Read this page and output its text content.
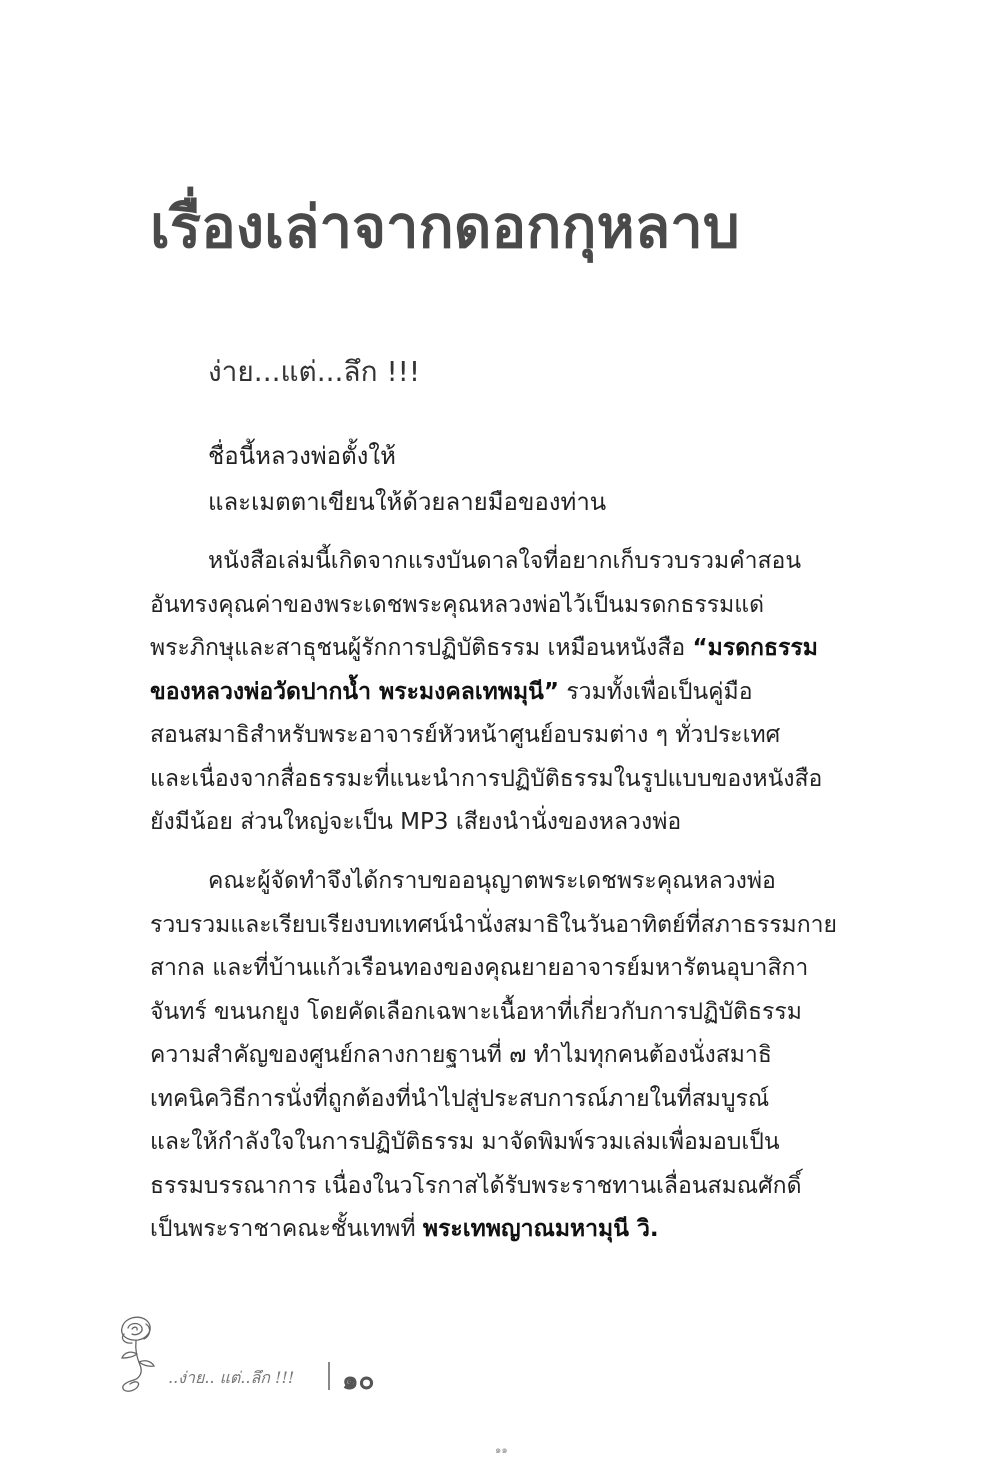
เรื่องเล่าจากดอกกุหลาบ
ง่าย...แต่...ลึก !!!
ชื่อนี้หลวงพ่อตั้งให้
และเมตตาเขียนให้ด้วยลายมือของท่าน
หนังสือเล่มนี้เกิดจากแรงบันดาลใจที่อยากเก็บรวบรวมคำสอน
อันทรงคุณค่าของพระเดชพระคุณหลวงพ่อไว้เป็นมรดกธรรมแด่
พระภิกษุและสาธุชนผู้รักการปฏิบัติธรรม เหมือนหนังสือ “มรดกธรรม
ของหลวงพ่อวัดปากน้ำ พระมงคลเทพมุนี” รวมทั้งเพื่อเป็นคู่มือ
สอนสมาธิสำหรับพระอาจารย์หัวหน้าศูนย์อบรมต่าง ๆ ทั่วประเทศ
และเนื่องจากสื่อธรรมะที่แนะนำการปฏิบัติธรรมในรูปแบบของหนังสือ
ยังมีน้อย ส่วนใหญ่จะเป็น MP3 เสียงนำนั่งของหลวงพ่อ
คณะผู้จัดทำจึงได้กราบขออนุญาตพระเดชพระคุณหลวงพ่อ
รวบรวมและเรียบเรียงบทเทศน์นำนั่งสมาธิในวันอาทิตย์ที่สภาธรรมกาย
สากล และที่บ้านแก้วเรือนทองของคุณยายอาจารย์มหารัตนอุบาสิกา
จันทร์ ขนนกยูง โดยคัดเลือกเฉพาะเนื้อหาที่เกี่ยวกับการปฏิบัติธรรม
ความสำคัญของศูนย์กลางกายฐานที่ ๗ ทำไมทุกคนต้องนั่งสมาธิ
เทคนิควิธีการนั่งที่ถูกต้องที่นำไปสู่ประสบการณ์ภายในที่สมบูรณ์
และให้กำลังใจในการปฏิบัติธรรม มาจัดพิมพ์รวมเล่มเพื่อมอบเป็น
ธรรมบรรณาการ เนื่องในวโรกาสได้รับพระราชทานเลื่อนสมณศักดิ์
เป็นพระราชาคณะชั้นเทพที่ พระเทพญาณมหามุนี วิ.
..ง่าย.. แต่..ลึก !!! ๑๐
๑๑
